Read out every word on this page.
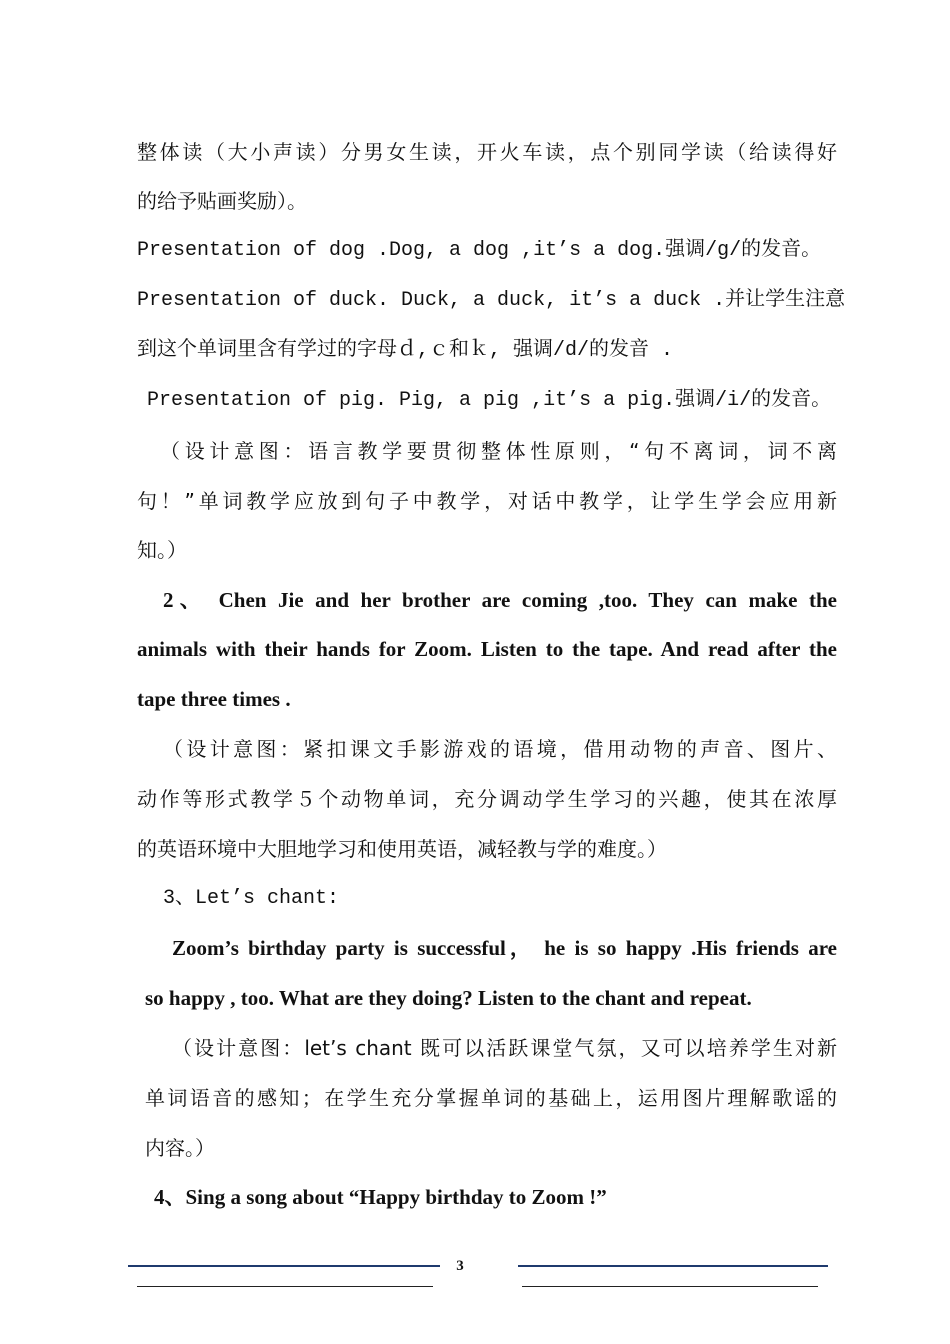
整体读（大小声读）分男女生读，开火车读，点个别同学读（给读得好
的给予贴画奖励）。
Presentation of dog .Dog, a dog ,it’s a dog.强调/g/的发音。
Presentation of duck. Duck, a duck, it’s a duck .并让学生注意
到这个单词里含有学过的字母ｄ,ｃ和ｋ, 强调/d/的发音 .
Presentation of pig. Pig, a pig ,it’s a pig.强调/i/的发音。
（设计意图：语言教学要贯彻整体性原则，“句不离词，词不离
句！”单词教学应放到句子中教学，对话中教学，让学生学会应用新
知。）
2、 Chen Jie and her brother are coming ,too. They can make the
animals with their hands for Zoom. Listen to the tape. And read after the
tape three times .
（设计意图：紧扣课文手影游戏的语境，借用动物的声音、图片、
动作等形式教学５个动物单词，充分调动学生学习的兴趣，使其在浓厚
的英语环境中大胆地学习和使用英语，减轻教与学的难度。）
3、Let’s chant:
Zoom’s birthday party is successful， he is so happy .His friends are
so happy , too. What are they doing? Listen to the chant and repeat.
（设计意图：let’s chant 既可以活跃课堂气氛，又可以培养学生对新
单词语音的感知；在学生充分掌握单词的基础上，运用图片理解歌谣的
内容。）
4、Sing a song about “Happy birthday to Zoom !”
3
